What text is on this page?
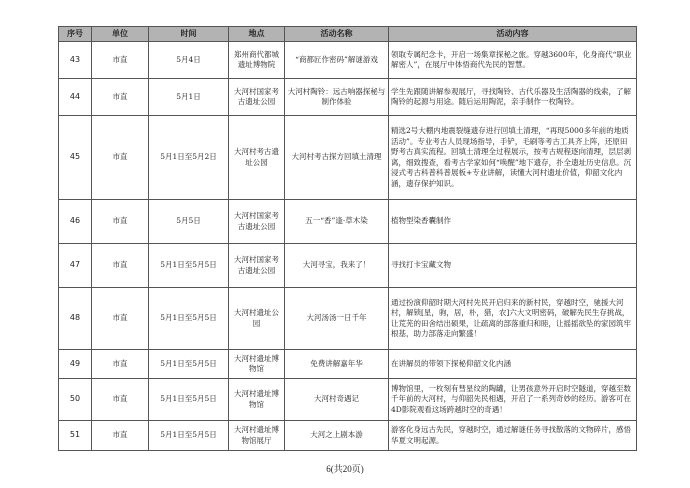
序号	单位	时间	地点	活动名称	活动内容
43	市直	5月4日	郑州商代都城遗址博物院	“商都匠作密码”解谜游戏	领取专属纪念卡，开启一场集章探秘之旅。穿越3600年，化身商代“职业解密人”，在展厅中体悟商代先民的智慧。
44	市直	5月1日	大河村国家考古遗址公园	大河村陶铃：远古响器探秘与制作体验	学生先跟随讲解参观展厅，寻找陶铃、古代乐器及生活陶器的线索，了解陶铃的起源与用途。随后运用陶泥，亲手制作一枚陶铃。
45	市直	5月1日至5月2日	大河村考古遗址公园	大河村考古探方回填土清理	精选2号大棚内地震裂缝遗存进行回填土清理，“再现5000多年前的地质活动”。专业考古人员现场指导，手铲，毛刷等考古工具齐上阵，还原田野考古真实流程。回填土清理全过程展示，按考古规程逐向清理，层层剥离，细致搜查，看考古学家如何“唤醒”地下遗存，扑全遗址历史信息。沉浸式考古科普科普展板+专业讲解，读懂大河村遗址价值，仰韶文化内涵，遗存保护知识。
46	市直	5月5日	大河村国家考古遗址公园	五一“香”逢·草木染	植物型染香囊制作
47	市直	5月1日至5月5日	大河村国家考古遗址公园	大河寻宝，我来了！	寻找打卡宝藏文物
48	市直	5月1日至5月5日	大河村遗址公园	大河汤汤一日千年	通过扮演仰韶时期大河村先民开启归来的新村民，穿越时空，驰援大河村，解锁[星，驹，居，朴，猎，农]六大文明密码，破解先民生存挑战，让荒芜的田舍结出硕果，让疏离的部落重归和睦，让摇摇欲坠的家园筑牢根基，助力部落走向繁盛！
49	市直	5月1日至5月5日	大河村遗址博物馆	免费讲解嘉年华	在讲解员的带领下探秘仰韶文化内涵
50	市直	5月1日至5月5日	大河村遗址博物馆	大河村奇遇记	博物馆里，一枚刻有彗星纹的陶罐，让男孩意外开启时空隧道，穿越至数千年前的大河村，与仰韶先民相遇，开启了一系列奇妙的经历。游客可在4D影院观看这场跨越时空的奇遇！
51	市直	5月1日至5月5日	大河村遗址博物馆展厅	大河之上剧本游	游客化身远古先民，穿越时空，通过解谜任务寻找散落的文物碎片，感悟华夏文明起源。
6(共20页)
